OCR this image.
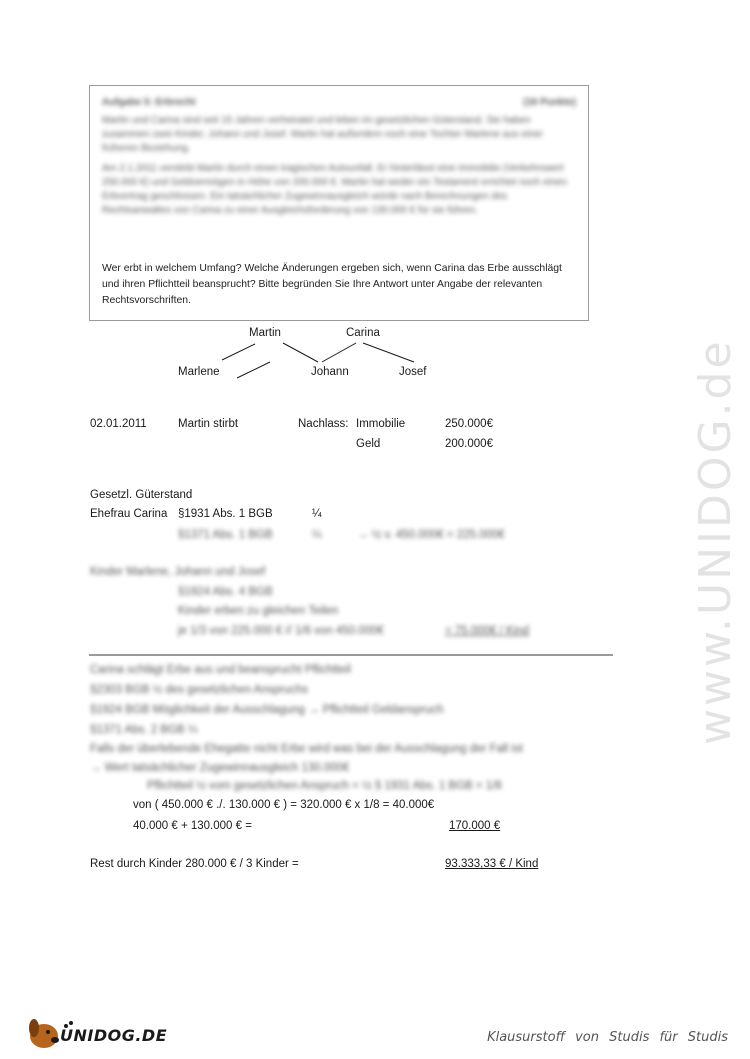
www.UNIDOG.de
Aufgabe 5: Erbrecht	(16 Punkte)

Martin und Carina sind seit 15 Jahren verheiratet und leben im gesetzlichen Güterstand. Sie haben zusammen zwei Kinder, Johann und Josef. Martin hat außerdem noch eine Tochter Marlene aus einer früheren Beziehung.

Am 2.1.2011 verstirbt Martin durch einen tragischen Autounfall. Er hinterlässt eine Immobilie (Verkehrswert 250.000 €) und Geldvermögen in Höhe von 200.000 €. Martin hat weder ein Testament errichtet noch einen Erbvertrag geschlossen. Ein tatsächlicher Zugewinnausgleich würde nach Berechnungen des Rechtsanwaltes von Carina zu einer Ausgleichsforderung von 130.000 € für sie führen.

Wer erbt in welchem Umfang? Welche Änderungen ergeben sich, wenn Carina das Erbe ausschlägt und ihren Pflichtteil beansprucht? Bitte begründen Sie Ihre Antwort unter Angabe der relevanten Rechtsvorschriften.
Martin	Carina
Marlene	Johann	Josef
02.01.2011	Martin stirbt	Nachlass: Immobilie	250.000€
Geld	200.000€
Gesetzl. Güterstand
Ehefrau Carina §1931 Abs. 1 BGB	¼
§1371 Abs. 1 BGB	¼	→ ½ v. 450.000€ = 225.000€
Kinder Marlene, Johann und Josef
§1924 Abs. 4 BGB
Kinder erben zu gleichen Teilen
je 1/3 von 225.000 € // 1/6 von 450.000€	= 75.000€ / Kind
Carina schlägt Erbe aus und beansprucht Pflichtteil
§2303 BGB ½ des gesetzlichen Anspruchs
§1924 BGB Möglichkeit der Ausschlagung → Pflichtteil Geldanspruch
§1371 Abs. 2 BGB ¼
Falls der überlebende Ehegatte nicht Erbe wird was bei der Ausschlagung der Fall ist
→ Wert tatsächlicher Zugewinnausgleich 130.000€
Pflichtteil ½ vom gesetzlichen Anspruch = ½ § 1931 Abs. 1 BGB = 1/8
von ( 450.000 € ./. 130.000 € ) = 320.000 € x 1/8 = 40.000€
40.000 € + 130.000 € =	170.000 €
Rest durch Kinder 280.000 € / 3 Kinder =	93.333,33 € / Kind
UNIDOG.DE	Klausurstoff von Studis für Studis
